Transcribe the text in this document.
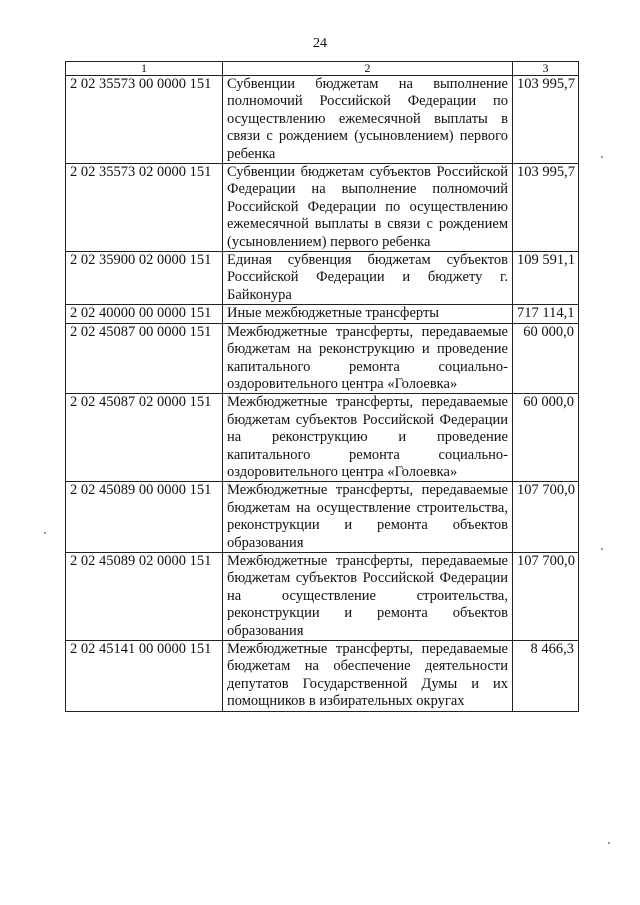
24
1	2	3
2 02 35573 00 0000 151	Субвенции бюджетам на выполнение полномочий Российской Федерации по осуществлению ежемесячной выплаты в связи с рождением (усыновлением) первого ребенка	103 995,7
2 02 35573 02 0000 151	Субвенции бюджетам субъектов Российской Федерации на выполнение полномочий Российской Федерации по осуществлению ежемесячной выплаты в связи с рождением (усыновлением) первого ребенка	103 995,7
2 02 35900 02 0000 151	Единая субвенция бюджетам субъектов Российской Федерации и бюджету г. Байконура	109 591,1
2 02 40000 00 0000 151	Иные межбюджетные трансферты	717 114,1
2 02 45087 00 0000 151	Межбюджетные трансферты, передаваемые бюджетам на реконструкцию и проведение капитального ремонта социально-оздоровительного центра «Голоевка»	60 000,0
2 02 45087 02 0000 151	Межбюджетные трансферты, передаваемые бюджетам субъектов Российской Федерации на реконструкцию и проведение капитального ремонта социально-оздоровительного центра «Голоевка»	60 000,0
2 02 45089 00 0000 151	Межбюджетные трансферты, передаваемые бюджетам на осуществление строительства, реконструкции и ремонта объектов образования	107 700,0
2 02 45089 02 0000 151	Межбюджетные трансферты, передаваемые бюджетам субъектов Российской Федерации на осуществление строительства, реконструкции и ремонта объектов образования	107 700,0
2 02 45141 00 0000 151	Межбюджетные трансферты, передаваемые бюджетам на обеспечение деятельности депутатов Государственной Думы и их помощников в избирательных округах	8 466,3
